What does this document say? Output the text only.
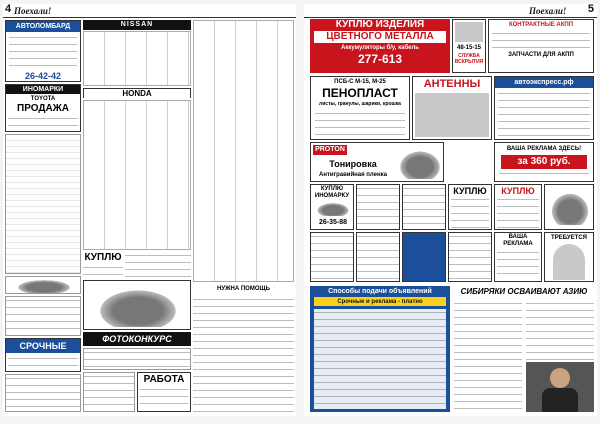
4 Поехали!
АВТОЛОМБАРД
26-42-42
ИНОМАРКИ
TOYOTA
ПРОДАЖА
СРОЧНЫЕ
NISSAN
HONDA
КУПЛЮ
ФОТОКОНКУРС
РАБОТА
НУЖНА ПОМОЩЬ
Поехали! 5
КУПЛЮ ИЗДЕЛИЯ
ЦВЕТНОГО МЕТАЛЛА
Аккумуляторы б/у, кабель
277-613
48-15-15
СЛУЖБА ВСКРЫТИЯ
КОНТРАКТНЫЕ АКПП
ЗАПЧАСТИ ДЛЯ АКПП
ПСБ-С М-15, М-25
ПЕНОПЛАСТ
листы, гранулы, шарики, крошка
АНТЕННЫ	автоэкспресс.рф
PROTON
Тонировка
Антигравийная пленка
ВАША РЕКЛАМА ЗДЕСЬ!
за 360 руб.
КУПЛЮ ИНОМАРКУ
26-35-88
КУПЛЮ	КУПЛЮ
ВАША РЕКЛАМА
ТРЕБУЕТСЯ
Способы подачи объявлений
Срочные и реклама - платно
СИБИРЯКИ ОСВАИВАЮТ АЗИЮ
